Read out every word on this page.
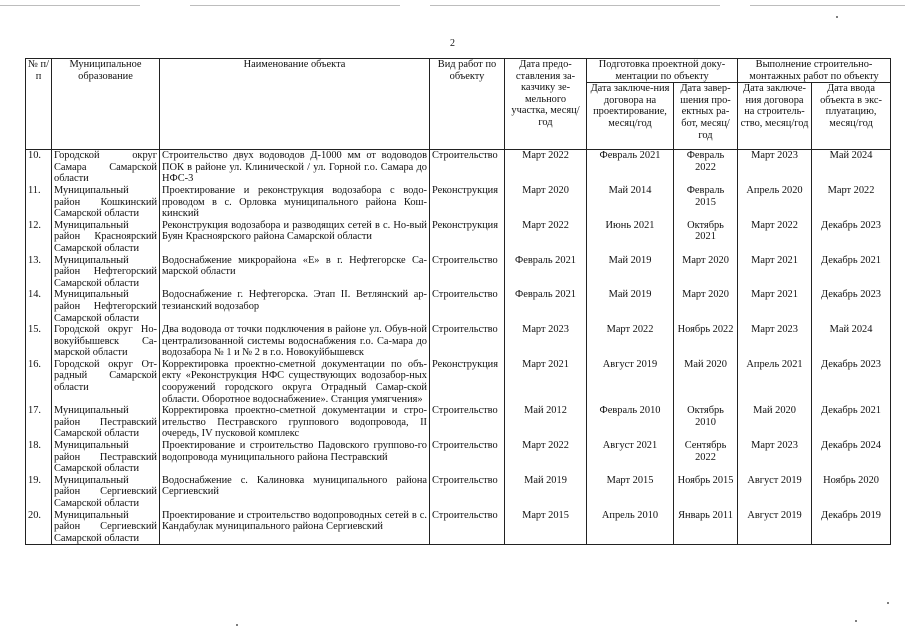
2
№ п/п	Муниципальное образование	Наименование объекта	Вид работ по объекту	Дата предо-ставления за-казчику зе-мельного участка, месяц/год	Подготовка проектной доку-ментации по объекту		Выполнение строительно-монтажных работ по объекту	
					Дата заключе-ния договора на проектирование, месяц/год	Дата завер-шения про-ектных ра-бот, месяц/год	Дата заключе-ния договора на строитель-ство, месяц/год	Дата ввода объекта в экс-плуатацию, месяц/год
10.	Городской округ Самара Самарской области	Строительство двух водоводов Д-1000 мм от водоводов ПОК в районе ул. Клинической / ул. Горной г.о. Самара до НФС-3	Строительство	Март 2022	Февраль 2021	Февраль 2022	Март 2023	Май 2024
11.	Муниципальный район Кошкинский Самарской области	Проектирование и реконструкция водозабора с водо-проводом в с. Орловка муниципального района Кош-кинский	Реконструкция	Март 2020	Май 2014	Февраль 2015	Апрель 2020	Март 2022
12.	Муниципальный район Красноярский Самарской области	Реконструкция водозабора и разводящих сетей в с. Но-вый Буян Красноярского района Самарской области	Реконструкция	Март 2022	Июнь 2021	Октябрь 2021	Март 2022	Декабрь 2023
13.	Муниципальный район Нефтегорский Самарской области	Водоснабжение микрорайона «Е» в г. Нефтегорске Са-марской области	Строительство	Февраль 2021	Май 2019	Март 2020	Март 2021	Декабрь 2021
14.	Муниципальный район Нефтегорский Самарской области	Водоснабжение г. Нефтегорска. Этап II. Ветлянский ар-тезианский водозабор	Строительство	Февраль 2021	Май 2019	Март 2020	Март 2021	Декабрь 2023
15.	Городской округ Но-вокуйбышевск Са-марской области	Два водовода от точки подключения в районе ул. Обув-ной централизованной системы водоснабжения г.о. Са-мара до водозабора № 1 и № 2 в г.о. Новокуйбышевск	Строительство	Март 2023	Март 2022	Ноябрь 2022	Март 2023	Май 2024
16.	Городской округ От-радный Самарской области	Корректировка проектно-сметной документации по объ-екту «Реконструкция НФС существующих водозабор-ных сооружений городского округа Отрадный Самар-ской области. Оборотное водоснабжение». Станция умягчения»	Реконструкция	Март 2021	Август 2019	Май 2020	Апрель 2021	Декабрь 2023
17.	Муниципальный район Пестравский Самарской области	Корректировка проектно-сметной документации и стро-ительство Пестравского группового водопровода, II очередь, IV пусковой комплекс	Строительство	Май 2012	Февраль 2010	Октябрь 2010	Май 2020	Декабрь 2021
18.	Муниципальный район Пестравский Самарской области	Проектирование и строительство Падовского группово-го водопровода муниципального района Пестравский	Строительство	Март 2022	Август 2021	Сентябрь 2022	Март 2023	Декабрь 2024
19.	Муниципальный район Сергиевский Самарской области	Водоснабжение с. Калиновка муниципального района Сергиевский	Строительство	Май 2019	Март 2015	Ноябрь 2015	Август 2019	Ноябрь 2020
20.	Муниципальный район Сергиевский Самарской области	Проектирование и строительство водопроводных сетей в с. Кандабулак муниципального района Сергиевский	Строительство	Март 2015	Апрель 2010	Январь 2011	Август 2019	Декабрь 2019
